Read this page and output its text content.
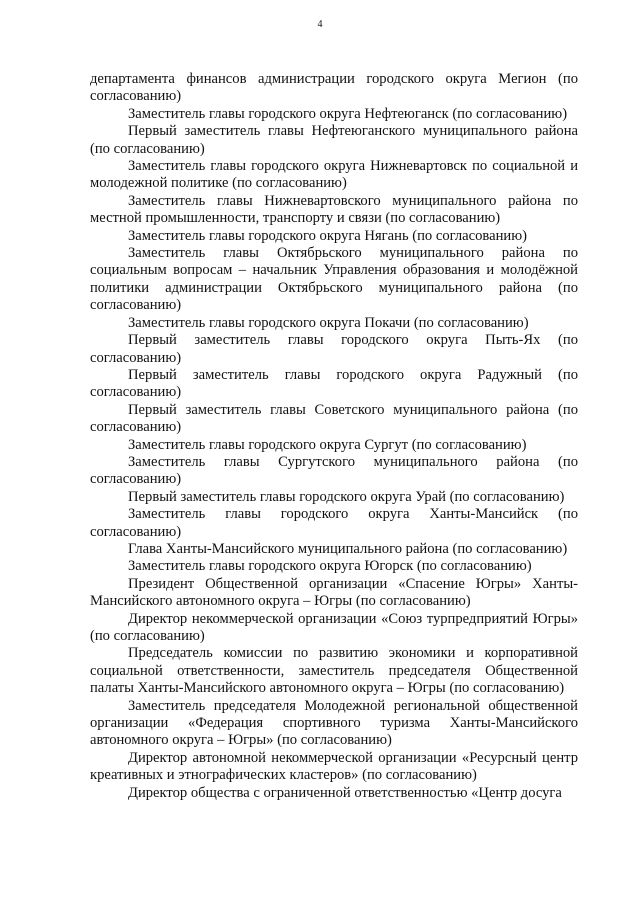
4

департамента финансов администрации городского округа Мегион (по согласованию)

Заместитель главы городского округа Нефтеюганск (по согласованию)

Первый заместитель главы Нефтеюганского муниципального района (по согласованию)

Заместитель главы городского округа Нижневартовск по социальной и молодежной политике (по согласованию)

Заместитель главы Нижневартовского муниципального района по местной промышленности, транспорту и связи (по согласованию)

Заместитель главы городского округа Нягань (по согласованию)

Заместитель главы Октябрьского муниципального района по социальным вопросам – начальник Управления образования и молодёжной политики администрации Октябрьского муниципального района (по согласованию)

Заместитель главы городского округа Покачи (по согласованию)

Первый заместитель главы городского округа Пыть-Ях (по согласованию)

Первый заместитель главы городского округа Радужный (по согласованию)

Первый заместитель главы Советского муниципального района (по согласованию)

Заместитель главы городского округа Сургут (по согласованию)

Заместитель главы Сургутского муниципального района (по согласованию)

Первый заместитель главы городского округа Урай (по согласованию)

Заместитель главы городского округа Ханты-Мансийск (по согласованию)

Глава Ханты-Мансийского муниципального района (по согласованию)

Заместитель главы городского округа Югорск (по согласованию)

Президент Общественной организации «Спасение Югры» Ханты-Мансийского автономного округа – Югры (по согласованию)

Директор некоммерческой организации «Союз турпредприятий Югры» (по согласованию)

Председатель комиссии по развитию экономики и корпоративной социальной ответственности, заместитель председателя Общественной палаты Ханты-Мансийского автономного округа – Югры (по согласованию)

Заместитель председателя Молодежной региональной общественной организации «Федерация спортивного туризма Ханты-Мансийского автономного округа – Югры» (по согласованию)

Директор автономной некоммерческой организации «Ресурсный центр креативных и этнографических кластеров» (по согласованию)

Директор общества с ограниченной ответственностью «Центр досуга
